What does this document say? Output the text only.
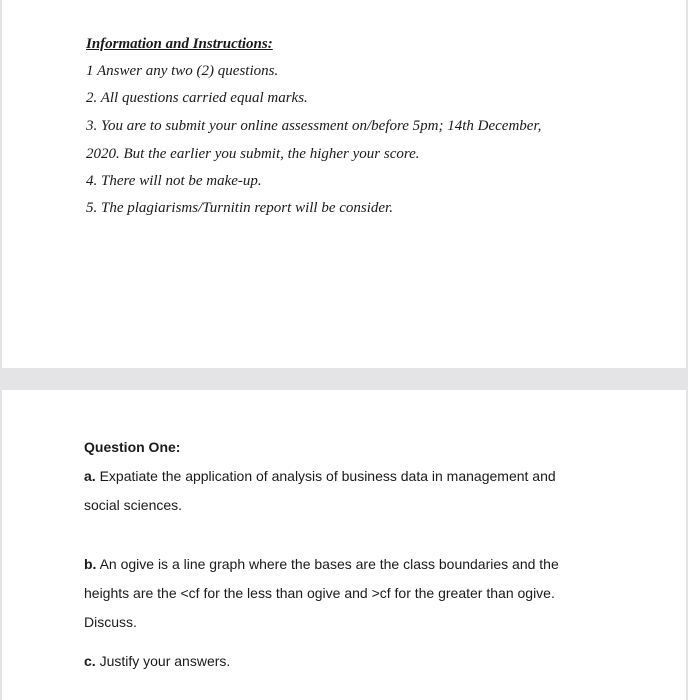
Information and Instructions:

1 Answer any two (2) questions.

2. All questions carried equal marks.

3. You are to submit your online assessment on/before 5pm; 14th December,

2020. But the earlier you submit, the higher your score.

4. There will not be make-up.

5. The plagiarisms/Turnitin report will be consider.

Question One:

a. Expatiate the application of analysis of business data in management and

social sciences.

b. An ogive is a line graph where the bases are the class boundaries and the

heights are the <cf for the less than ogive and >cf for the greater than ogive.

Discuss.

c. Justify your answers.
